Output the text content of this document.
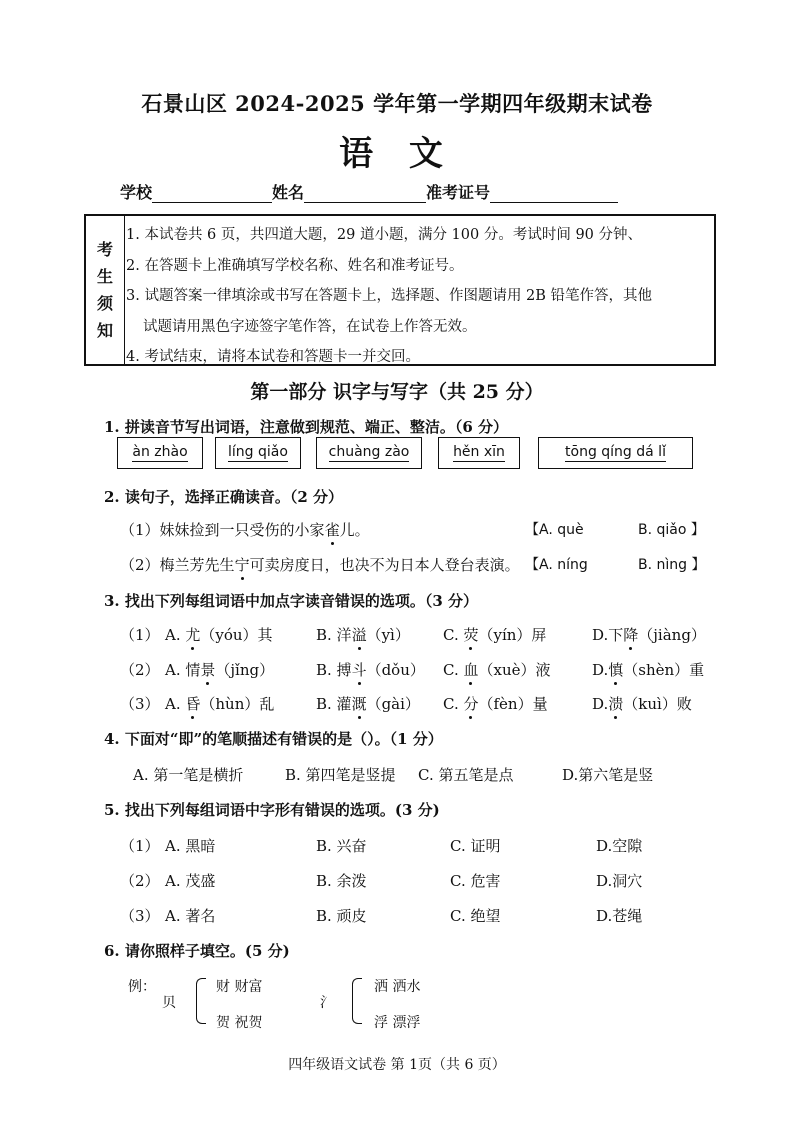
石景山区 2024-2025 学年第一学期四年级期末试卷
语 文
学校	姓名	准考证号
考
生
须
知
1. 本试卷共 6 页，共四道大题，29 道小题，满分 100 分。考试时间 90 分钟、
2. 在答题卡上准确填写学校名称、姓名和准考证号。
3. 试题答案一律填涂或书写在答题卡上，选择题、作图题请用 2B 铅笔作答，其他
试题请用黑色字迹签字笔作答，在试卷上作答无效。
4. 考试结束，请将本试卷和答题卡一并交回。
第一部分 识字与写字（共 25 分）
1. 拼读音节写出词语，注意做到规范、端正、整洁。（6 分）
àn zhào	líng qiǎo	chuàng zào	hěn xīn	tōng qíng dá lǐ
2. 读句子，选择正确读音。（2 分）
（1）妹妹捡到一只受伤的小家雀儿。	【A. què	B. qiǎo 】
（2）梅兰芳先生宁可卖房度日，也决不为日本人登台表演。 【A. níng	B. nìng 】
3. 找出下列每组词语中加点字读音错误的选项。（3 分）
（1） A. 尤（yóu）其	B. 洋溢（yì） C. 荧（yín）屏	D.下降（jiàng）
（2） A. 情景（jǐng）	B. 搏斗（dǒu） C. 血（xuè）液	D.慎（shèn）重
（3） A. 昏（hùn）乱	B. 灌溉（gài） C. 分（fèn）量	D.溃（kuì）败
4. 下面对“即”的笔顺描述有错误的是（）。（1 分）
A. 第一笔是横折	B. 第四笔是竖提 C. 第五笔是点	D.第六笔是竖
5. 找出下列每组词语中字形有错误的选项。(3 分)
（1） A. 黑暗	B. 兴奋	C. 证明	D.空隙
（2） A. 茂盛	B. 余泼	C. 危害	D.洞穴
（3） A. 著名	B. 顽皮	C. 绝望	D.苍绳
6. 请你照样子填空。(5 分)
例：
贝
财 财富
贺 祝贺
氵
洒 洒水
浮 漂浮
四年级语文试卷 第 1页（共 6 页）
